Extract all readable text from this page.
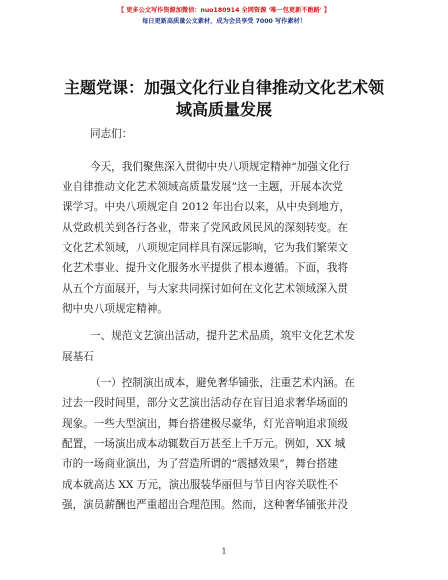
【 更多公文写作资源加微信：nuo180914 全网资源 '唯一包更新不跑路' 】
每日更新高质量公文素材，成为会员享受 7000 写作素材！
主题党课：加强文化行业自律推动文化艺术领域高质量发展
同志们：
今天，我们聚焦深入贯彻中央八项规定精神“加强文化行
业自律推动文化艺术领域高质量发展”这一主题，开展本次党
课学习。中央八项规定自 2012 年出台以来，从中央到地方，
从党政机关到各行各业，带来了党风政风民风的深刻转变。在
文化艺术领域，八项规定同样具有深远影响，它为我们繁荣文
化艺术事业、提升文化服务水平提供了根本遵循。下面，我将
从五个方面展开，与大家共同探讨如何在文化艺术领域深入贯
彻中央八项规定精神。
一、规范文艺演出活动，提升艺术品质，筑牢文化艺术发
展基石
（一）控制演出成本，避免奢华铺张，注重艺术内涵。在
过去一段时间里，部分文艺演出活动存在盲目追求奢华场面的
现象。一些大型演出，舞台搭建极尽豪华，灯光音响追求顶级
配置，一场演出成本动辄数百万甚至上千万元。例如，XX 城
市的一场商业演出，为了营造所谓的“震撼效果”，舞台搭建
成本就高达 XX 万元，演出服装华丽但与节目内容关联性不
强，演员薪酬也严重超出合理范围。然而，这种奢华铺张并没
1
